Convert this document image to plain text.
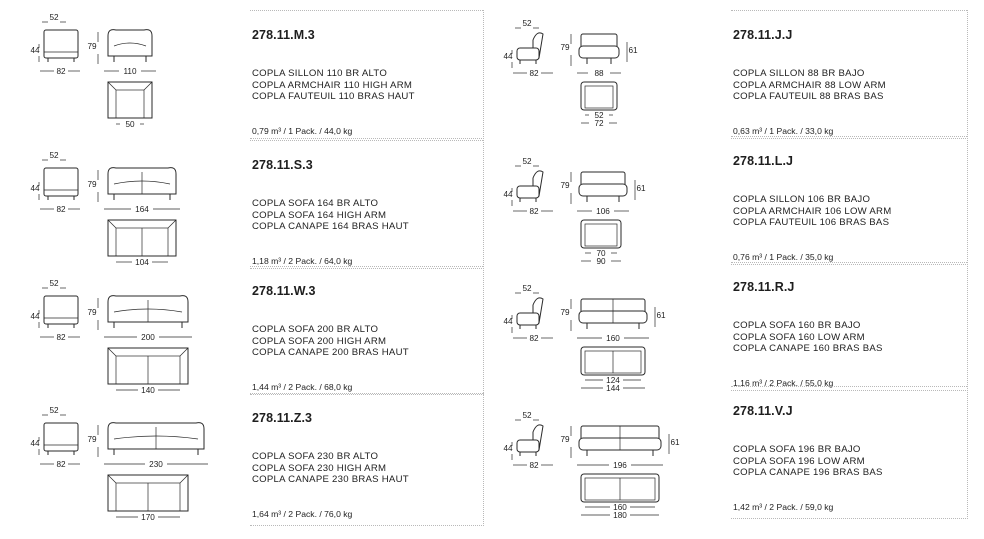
52
44
82
79
110
50
278.11.M.3
COPLA SILLON 110 BR ALTO
COPLA ARMCHAIR 110 HIGH ARM
COPLA FAUTEUIL 110 BRAS HAUT
0,79 m³ / 1 Pack. / 44,0 kg
52
44
82
79
164
104
278.11.S.3
COPLA SOFA 164 BR ALTO
COPLA SOFA 164 HIGH ARM
COPLA CANAPE 164 BRAS HAUT
1,18 m³ / 2 Pack. / 64,0 kg
52
44
82
79
200
140
278.11.W.3
COPLA SOFA 200 BR ALTO
COPLA SOFA 200 HIGH ARM
COPLA CANAPE 200 BRAS HAUT
1,44 m³ / 2 Pack. / 68,0 kg
52
44
82
79
230
170
278.11.Z.3
COPLA SOFA 230 BR ALTO
COPLA SOFA 230 HIGH ARM
COPLA CANAPE 230 BRAS HAUT
1,64 m³ / 2 Pack. / 76,0 kg
52
44
82
79	61
88
52
72
278.11.J.J
COPLA SILLON 88 BR BAJO
COPLA ARMCHAIR 88 LOW ARM
COPLA FAUTEUIL 88 BRAS BAS
0,63 m³ / 1 Pack. / 33,0 kg
52
44
82
79	61
106
70
90
278.11.L.J
COPLA SILLON 106 BR BAJO
COPLA ARMCHAIR 106 LOW ARM
COPLA FAUTEUIL 106 BRAS BAS
0,76 m³ / 1 Pack. / 35,0 kg
52
44
82
79	61
160
124
144
278.11.R.J
COPLA SOFA 160 BR BAJO
COPLA SOFA 160 LOW ARM
COPLA CANAPE 160 BRAS BAS
1,16 m³ / 2 Pack. / 55,0 kg
52
44
82
79	61
196
160
180
278.11.V.J
COPLA SOFA 196 BR BAJO
COPLA SOFA 196 LOW ARM
COPLA CANAPE 196 BRAS BAS
1,42 m³ / 2 Pack. / 59,0 kg
